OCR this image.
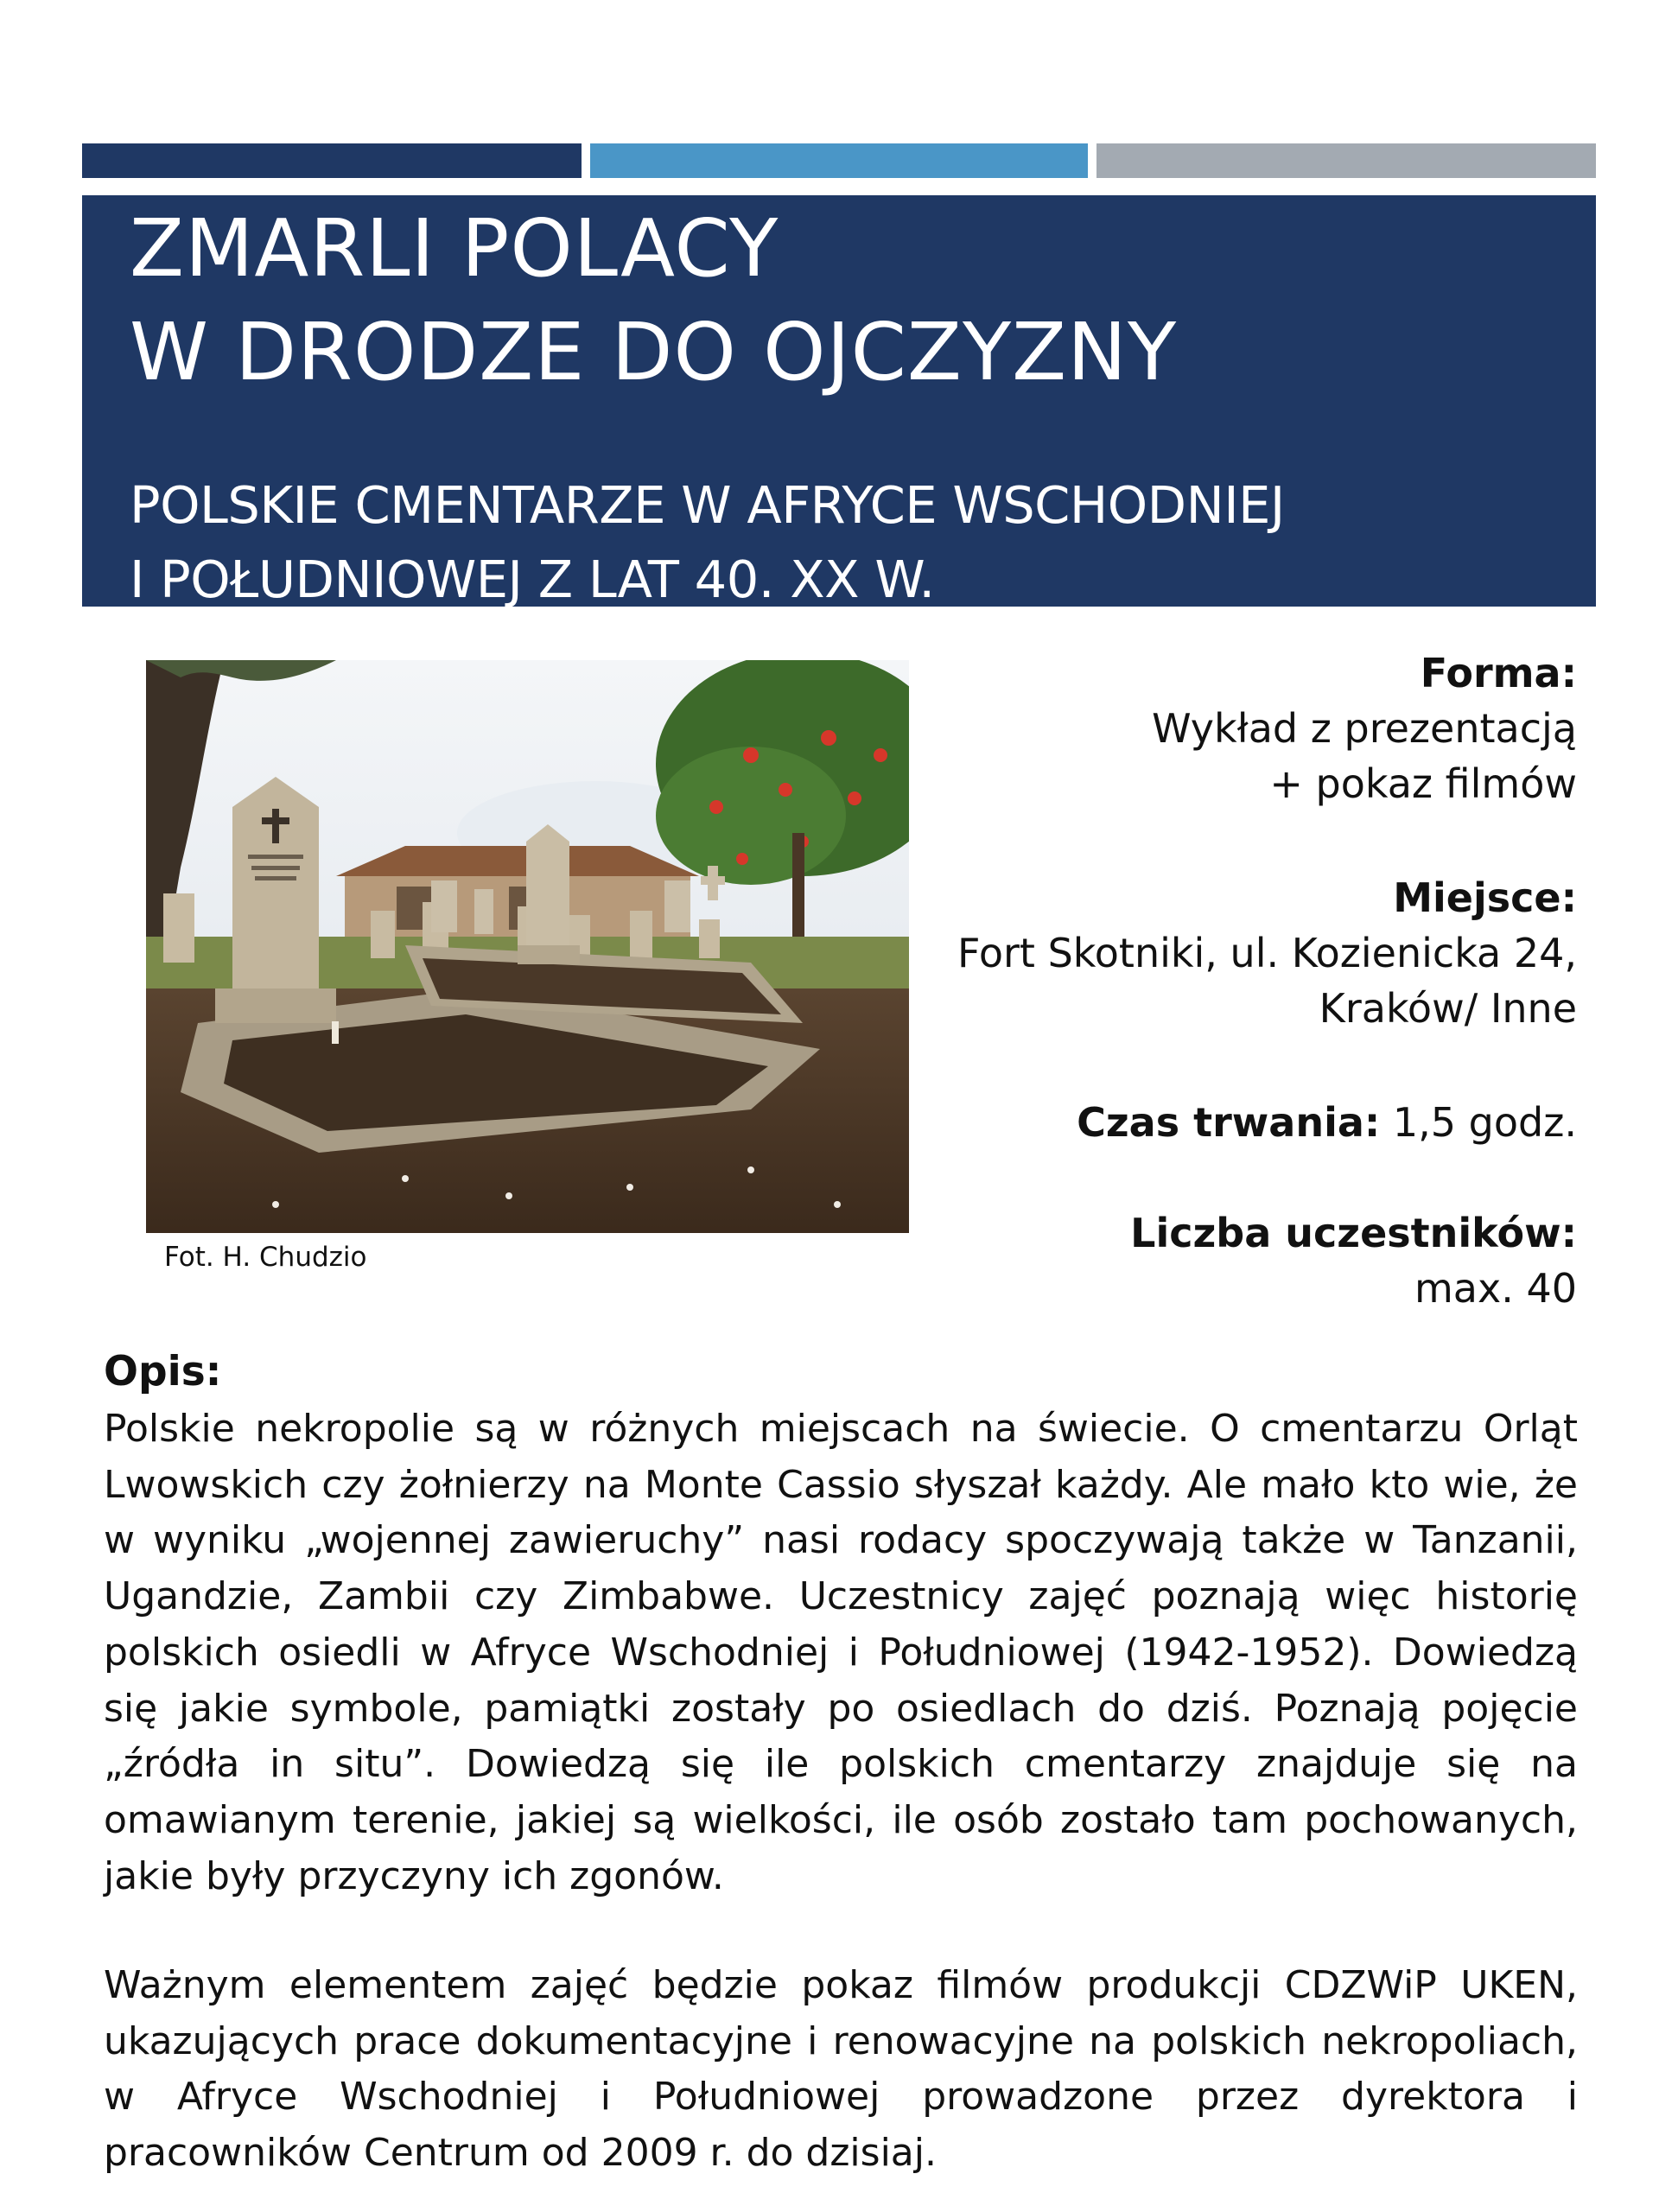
ZMARLI POLACY
W DRODZE DO OJCZYZNY
POLSKIE CMENTARZE W AFRYCE WSCHODNIEJ
I POŁUDNIOWEJ Z LAT 40. XX W.
Fot. H. Chudzio
Forma:
Wykład z prezentacją
+ pokaz filmów
Miejsce:
Fort Skotniki, ul. Kozienicka 24,
Kraków/ Inne
Czas trwania: 1,5 godz.
Liczba uczestników:
max. 40
Opis:

Polskie nekropolie są w różnych miejscach na świecie. O cmentarzu Orląt Lwowskich czy żołnierzy na Monte Cassio słyszał każdy. Ale mało kto wie, że w wyniku „wojennej zawieruchy” nasi rodacy spoczywają także w Tanzanii, Ugandzie, Zambii czy Zimbabwe. Uczestnicy zajęć poznają więc historię polskich osiedli w Afryce Wschodniej i Południowej (1942-1952). Dowiedzą się jakie symbole, pamiątki zostały po osiedlach do dziś. Poznają pojęcie „źródła in situ”. Dowiedzą się ile polskich cmentarzy znajduje się na omawianym terenie, jakiej są wielkości, ile osób zostało tam pochowanych, jakie były przyczyny ich zgonów.

Ważnym elementem zajęć będzie pokaz filmów produkcji CDZWiP UKEN, ukazujących prace dokumentacyjne i renowacyjne na polskich nekropoliach, w Afryce Wschodniej i Południowej prowadzone przez dyrektora i pracowników Centrum od 2009 r. do dzisiaj.
